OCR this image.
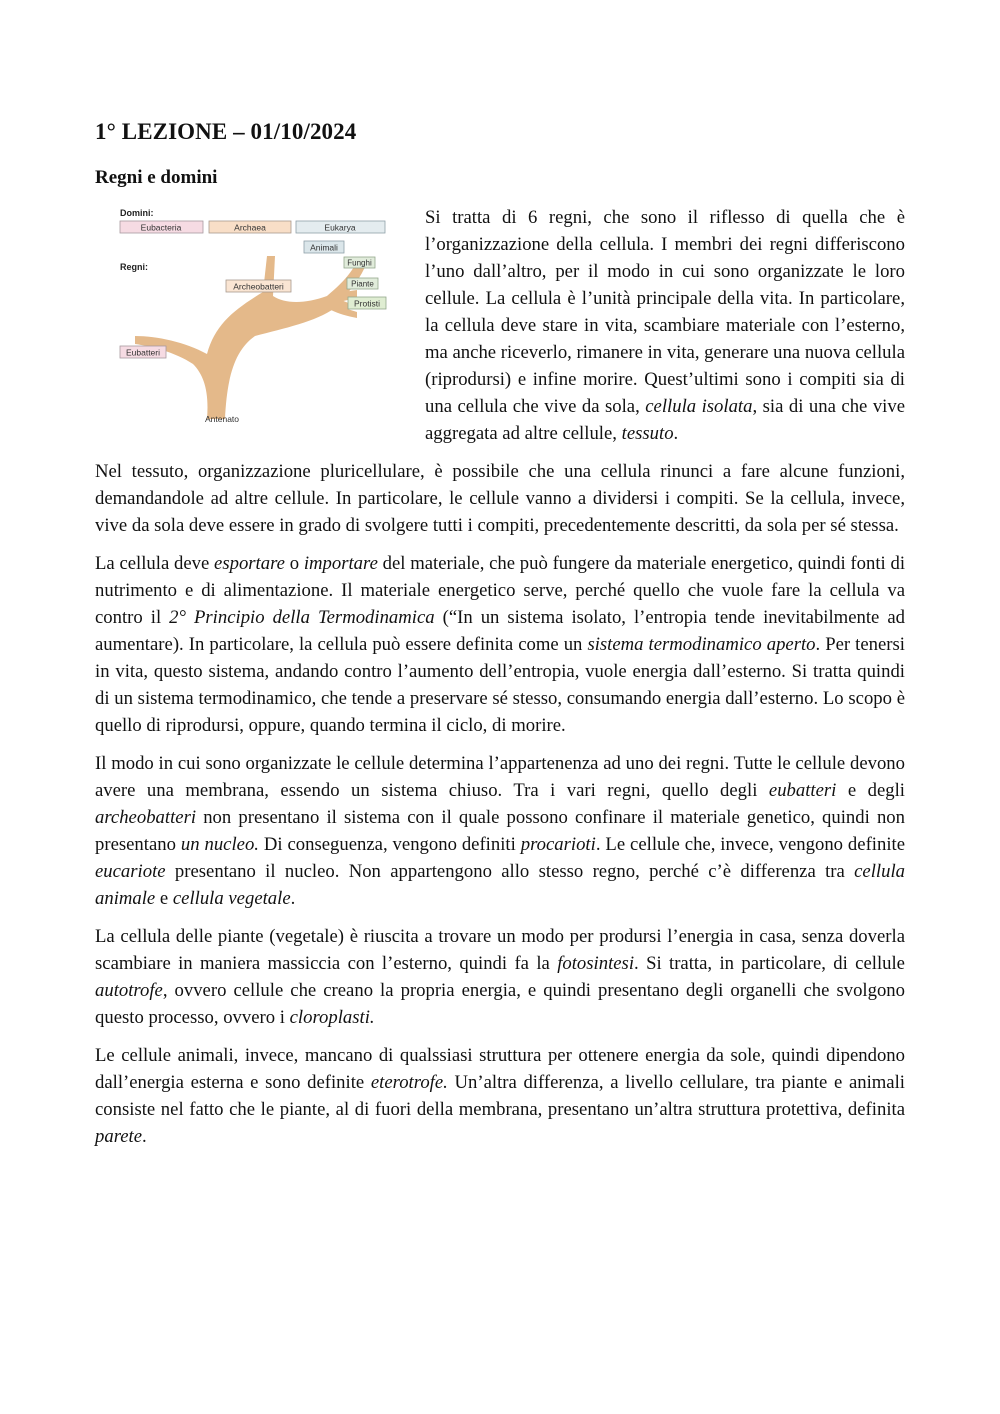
1° LEZIONE – 01/10/2024
Regni e domini
Domini:
Regni:
Eubacteria	Archaea	Eukarya
Animali
Funghi
Piante
Protisti
Archeobatteri
Eubatteri
Antenato

Si tratta di 6 regni, che sono il riflesso di quella che è l’organizzazione della cellula. I membri dei regni differiscono l’uno dall’altro, per il modo in cui sono organizzate le loro cellule. La cellula è l’unità principale della vita. In particolare, la cellula deve stare in vita, scambiare materiale con l’esterno, ma anche riceverlo, rimanere in vita, generare una nuova cellula (riprodursi) e infine morire. Quest’ultimi sono i compiti sia di una cellula che vive da sola, cellula isolata, sia di una che vive aggregata ad altre cellule, tessuto.

Nel tessuto, organizzazione pluricellulare, è possibile che una cellula rinunci a fare alcune funzioni, demandandole ad altre cellule. In particolare, le cellule vanno a dividersi i compiti. Se la cellula, invece, vive da sola deve essere in grado di svolgere tutti i compiti, precedentemente descritti, da sola per sé stessa.

La cellula deve esportare o importare del materiale, che può fungere da materiale energetico, quindi fonti di nutrimento e di alimentazione. Il materiale energetico serve, perché quello che vuole fare la cellula va contro il 2° Principio della Termodinamica (“In un sistema isolato, l’entropia tende inevitabilmente ad aumentare). In particolare, la cellula può essere definita come un sistema termodinamico aperto. Per tenersi in vita, questo sistema, andando contro l’aumento dell’entropia, vuole energia dall’esterno. Si tratta quindi di un sistema termodinamico, che tende a preservare sé stesso, consumando energia dall’esterno. Lo scopo è quello di riprodursi, oppure, quando termina il ciclo, di morire.

Il modo in cui sono organizzate le cellule determina l’appartenenza ad uno dei regni. Tutte le cellule devono avere una membrana, essendo un sistema chiuso. Tra i vari regni, quello degli eubatteri e degli archeobatteri non presentano il sistema con il quale possono confinare il materiale genetico, quindi non presentano un nucleo. Di conseguenza, vengono definiti procarioti. Le cellule che, invece, vengono definite eucariote presentano il nucleo. Non appartengono allo stesso regno, perché c’è differenza tra cellula animale e cellula vegetale.

La cellula delle piante (vegetale) è riuscita a trovare un modo per prodursi l’energia in casa, senza doverla scambiare in maniera massiccia con l’esterno, quindi fa la fotosintesi. Si tratta, in particolare, di cellule autotrofe, ovvero cellule che creano la propria energia, e quindi presentano degli organelli che svolgono questo processo, ovvero i cloroplasti.

Le cellule animali, invece, mancano di qualssiasi struttura per ottenere energia da sole, quindi dipendono dall’energia esterna e sono definite eterotrofe. Un’altra differenza, a livello cellulare, tra piante e animali consiste nel fatto che le piante, al di fuori della membrana, presentano un’altra struttura protettiva, definita parete.
